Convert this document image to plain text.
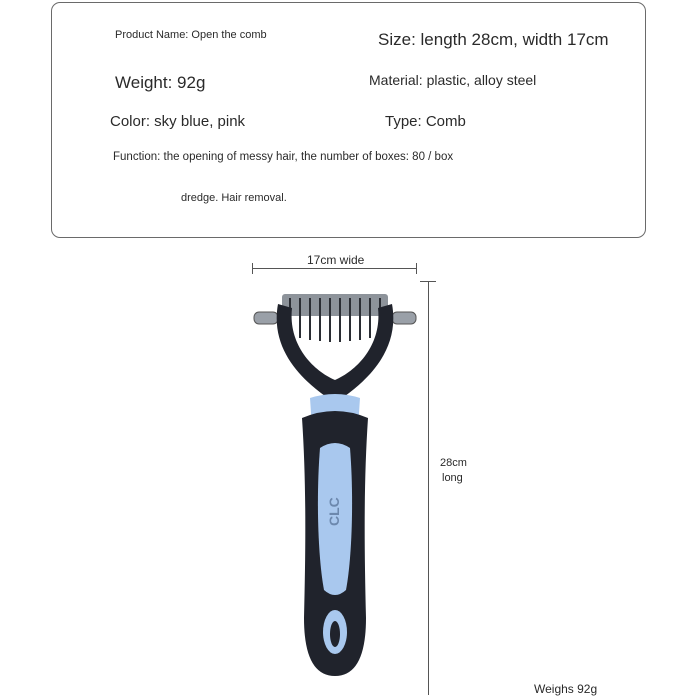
Product Name: Open the comb	Size: length 28cm, width 17cm
Weight: 92g	Material: plastic, alloy steel
Color: sky blue, pink	Type: Comb
Function: the opening of messy hair, the number of boxes: 80 / box
dredge. Hair removal.
17cm wide
28cm
long
Weighs 92g
CLC
